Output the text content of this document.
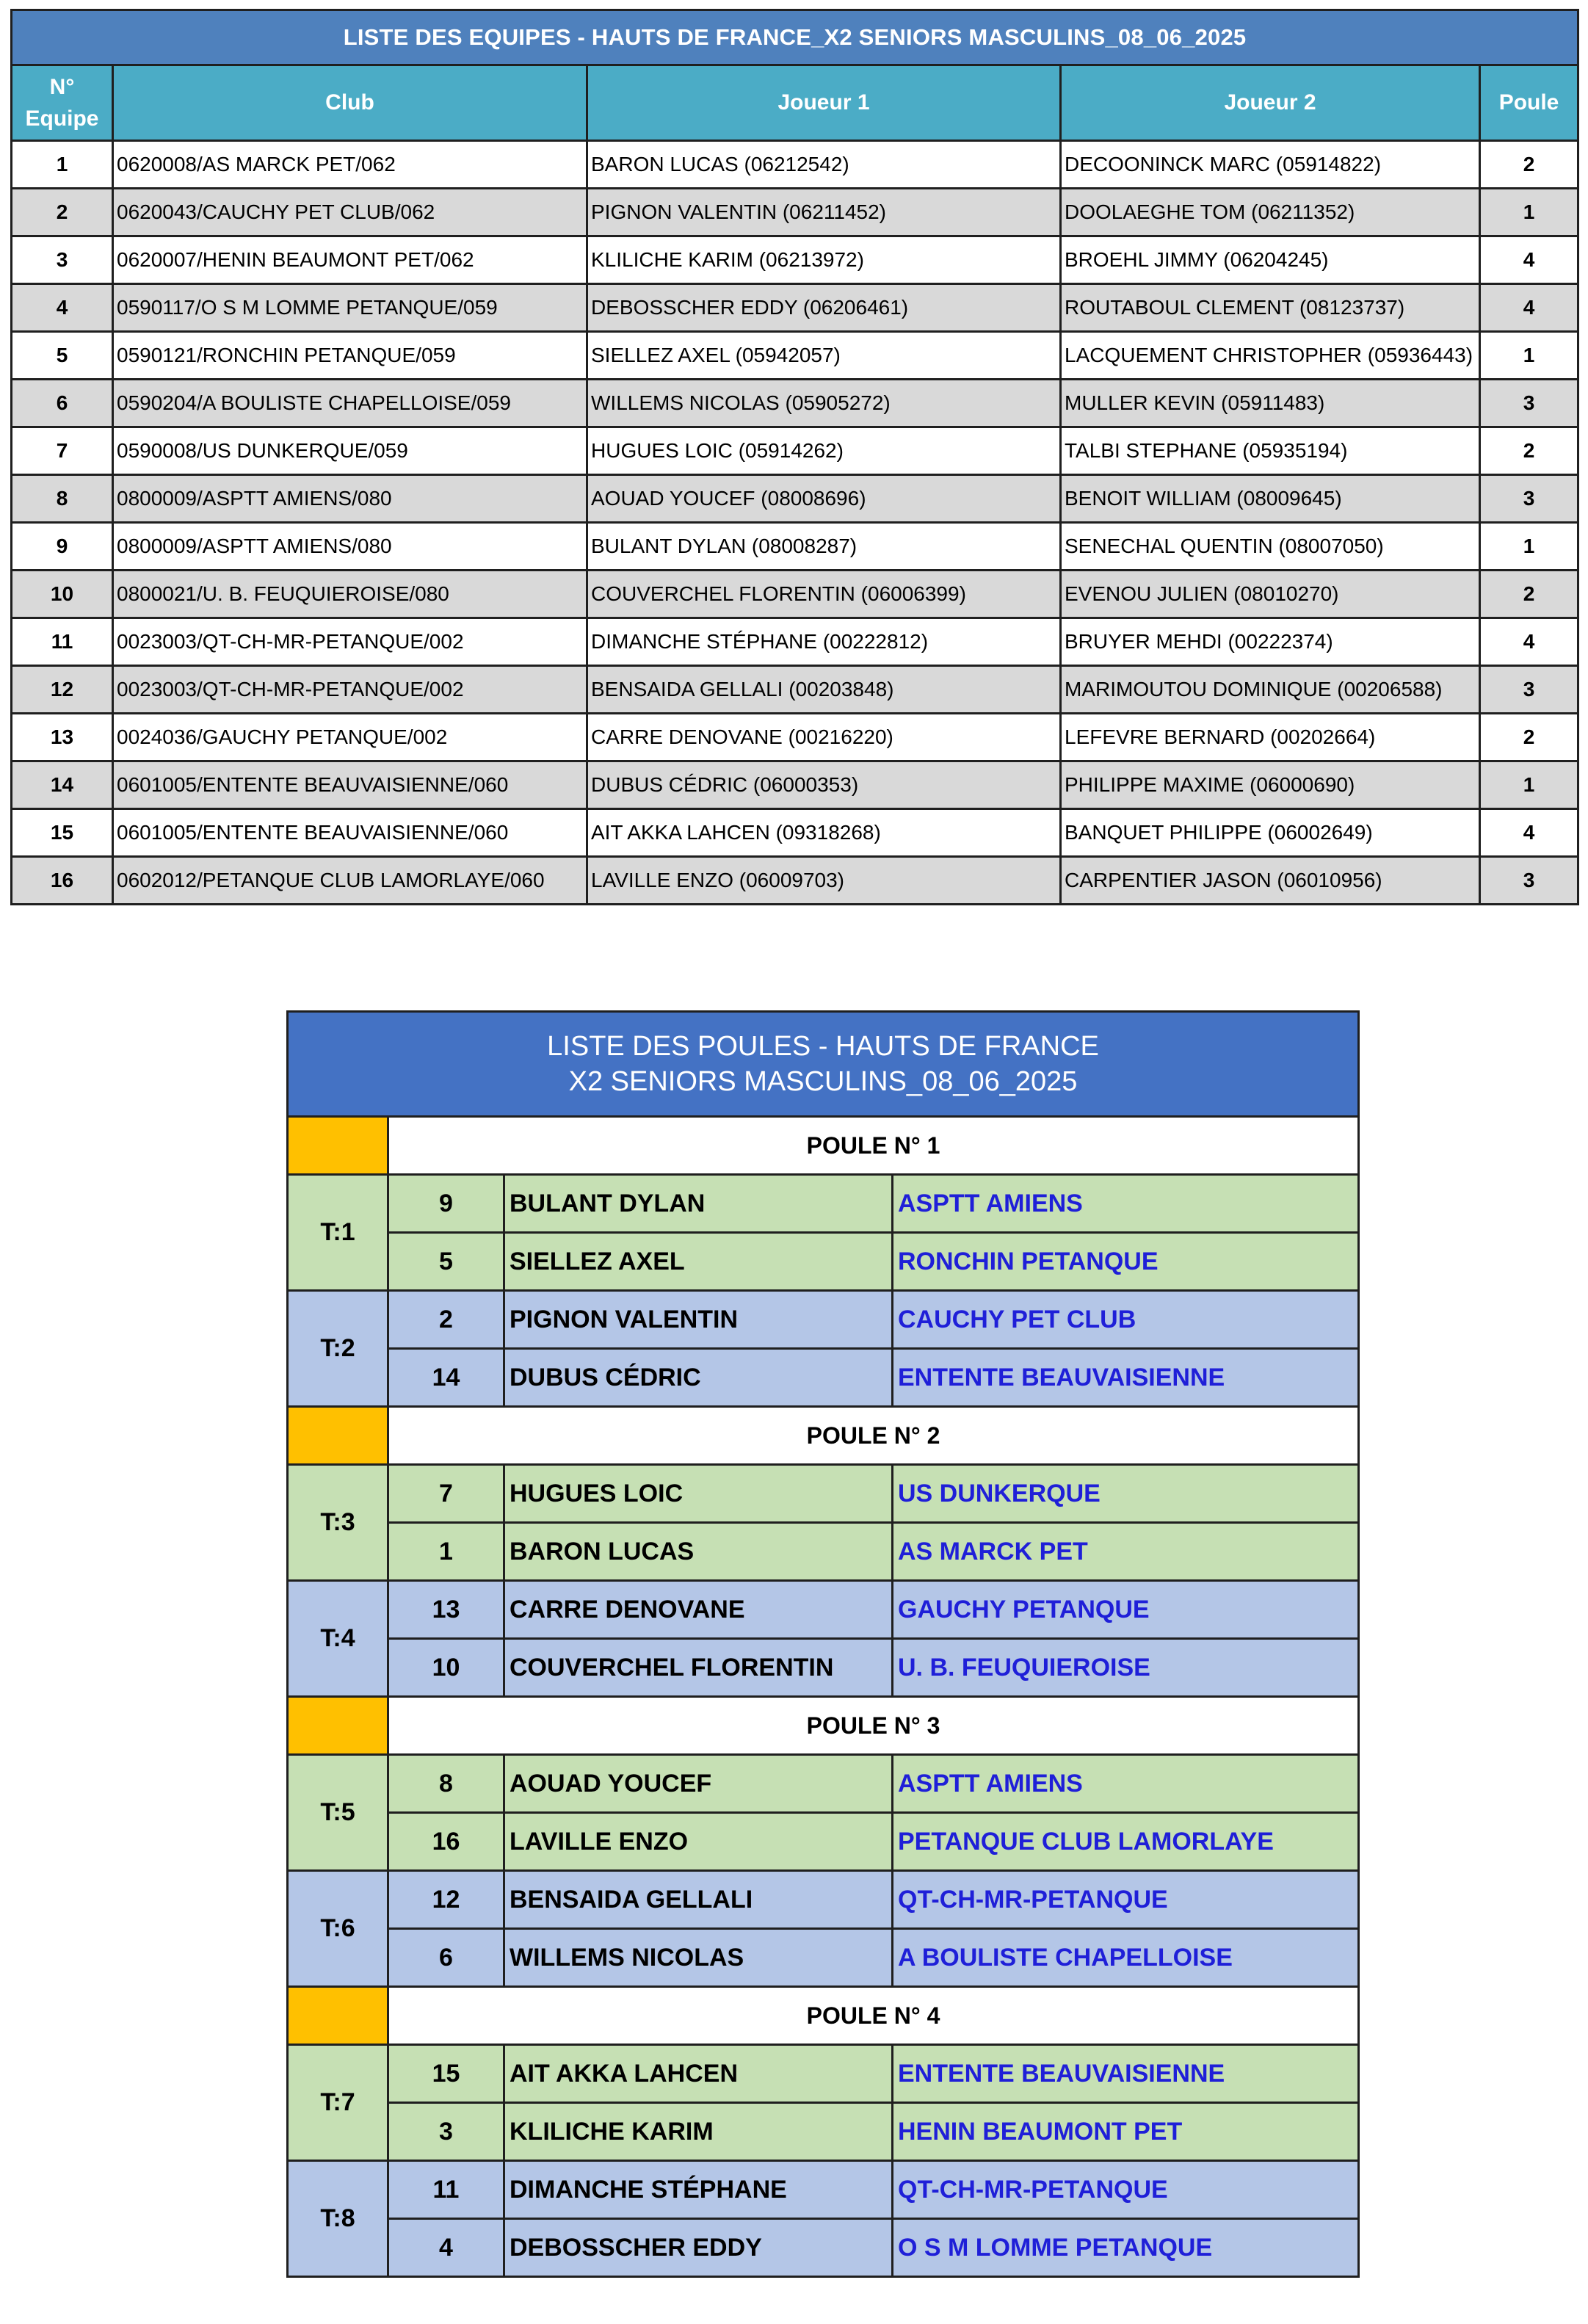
LISTE DES EQUIPES - HAUTS DE FRANCE_X2 SENIORS MASCULINS_08_06_2025				
N°
Equipe	Club	Joueur 1	Joueur 2	Poule
1	0620008/AS MARCK PET/062	BARON LUCAS (06212542)	DECOONINCK MARC (05914822)	2
2	0620043/CAUCHY PET CLUB/062	PIGNON VALENTIN (06211452)	DOOLAEGHE TOM (06211352)	1
3	0620007/HENIN BEAUMONT PET/062	KLILICHE KARIM (06213972)	BROEHL JIMMY (06204245)	4
4	0590117/O S M LOMME PETANQUE/059	DEBOSSCHER EDDY (06206461)	ROUTABOUL CLEMENT (08123737)	4
5	0590121/RONCHIN PETANQUE/059	SIELLEZ AXEL (05942057)	LACQUEMENT CHRISTOPHER (05936443)	1
6	0590204/A BOULISTE CHAPELLOISE/059	WILLEMS NICOLAS (05905272)	MULLER KEVIN (05911483)	3
7	0590008/US DUNKERQUE/059	HUGUES LOIC (05914262)	TALBI STEPHANE (05935194)	2
8	0800009/ASPTT AMIENS/080	AOUAD YOUCEF (08008696)	BENOIT WILLIAM (08009645)	3
9	0800009/ASPTT AMIENS/080	BULANT DYLAN (08008287)	SENECHAL QUENTIN (08007050)	1
10	0800021/U. B. FEUQUIEROISE/080	COUVERCHEL FLORENTIN (06006399)	EVENOU JULIEN (08010270)	2
11	0023003/QT-CH-MR-PETANQUE/002	DIMANCHE STÉPHANE (00222812)	BRUYER MEHDI (00222374)	4
12	0023003/QT-CH-MR-PETANQUE/002	BENSAIDA GELLALI (00203848)	MARIMOUTOU DOMINIQUE (00206588)	3
13	0024036/GAUCHY PETANQUE/002	CARRE DENOVANE (00216220)	LEFEVRE BERNARD (00202664)	2
14	0601005/ENTENTE BEAUVAISIENNE/060	DUBUS CÉDRIC (06000353)	PHILIPPE MAXIME (06000690)	1
15	0601005/ENTENTE BEAUVAISIENNE/060	AIT AKKA LAHCEN (09318268)	BANQUET PHILIPPE (06002649)	4
16	0602012/PETANQUE CLUB LAMORLAYE/060	LAVILLE ENZO (06009703)	CARPENTIER JASON (06010956)	3
LISTE DES POULES - HAUTS DE FRANCE
X2 SENIORS MASCULINS_08_06_2025			

	POULE N° 1		
T:1	9	BULANT DYLAN	ASPTT AMIENS
	5	SIELLEZ AXEL	RONCHIN PETANQUE
T:2	2	PIGNON VALENTIN	CAUCHY PET CLUB
	14	DUBUS CÉDRIC	ENTENTE BEAUVAISIENNE
	POULE N° 2		
T:3	7	HUGUES LOIC	US DUNKERQUE
	1	BARON LUCAS	AS MARCK PET
T:4	13	CARRE DENOVANE	GAUCHY PETANQUE
	10	COUVERCHEL FLORENTIN	U. B. FEUQUIEROISE
	POULE N° 3		
T:5	8	AOUAD YOUCEF	ASPTT AMIENS
	16	LAVILLE ENZO	PETANQUE CLUB LAMORLAYE
T:6	12	BENSAIDA GELLALI	QT-CH-MR-PETANQUE
	6	WILLEMS NICOLAS	A BOULISTE CHAPELLOISE
	POULE N° 4		
T:7	15	AIT AKKA LAHCEN	ENTENTE BEAUVAISIENNE
	3	KLILICHE KARIM	HENIN BEAUMONT PET
T:8	11	DIMANCHE STÉPHANE	QT-CH-MR-PETANQUE
	4	DEBOSSCHER EDDY	O S M LOMME PETANQUE
